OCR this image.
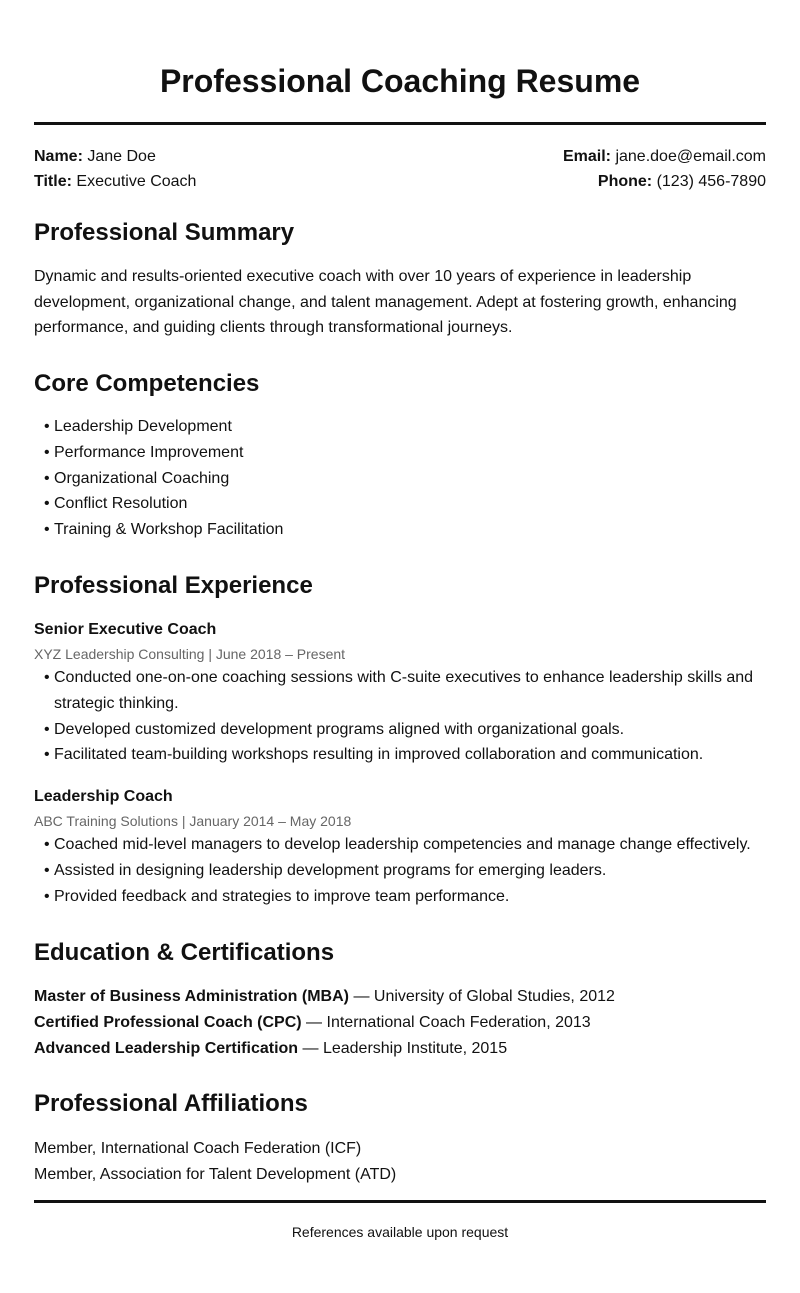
Professional Coaching Resume
Name: Jane Doe	Email: jane.doe@email.com
Title: Executive Coach	Phone: (123) 456-7890
Professional Summary

Dynamic and results-oriented executive coach with over 10 years of experience in leadership development, organizational change, and talent management. Adept at fostering growth, enhancing performance, and guiding clients through transformational journeys.

Core Competencies
• Leadership Development
• Performance Improvement
• Organizational Coaching
• Conflict Resolution
• Training & Workshop Facilitation
Professional Experience

Senior Executive Coach

XYZ Leadership Consulting | June 2018 – Present

• Conducted one-on-one coaching sessions with C-suite executives to enhance leadership skills and strategic thinking.
• Developed customized development programs aligned with organizational goals.
• Facilitated team-building workshops resulting in improved collaboration and communication.

Leadership Coach

ABC Training Solutions | January 2014 – May 2018

• Coached mid-level managers to develop leadership competencies and manage change effectively.
• Assisted in designing leadership development programs for emerging leaders.
• Provided feedback and strategies to improve team performance.
Education & Certifications
Master of Business Administration (MBA) — University of Global Studies, 2012
Certified Professional Coach (CPC) — International Coach Federation, 2013
Advanced Leadership Certification — Leadership Institute, 2015
Professional Affiliations
Member, International Coach Federation (ICF)
Member, Association for Talent Development (ATD)
References available upon request
